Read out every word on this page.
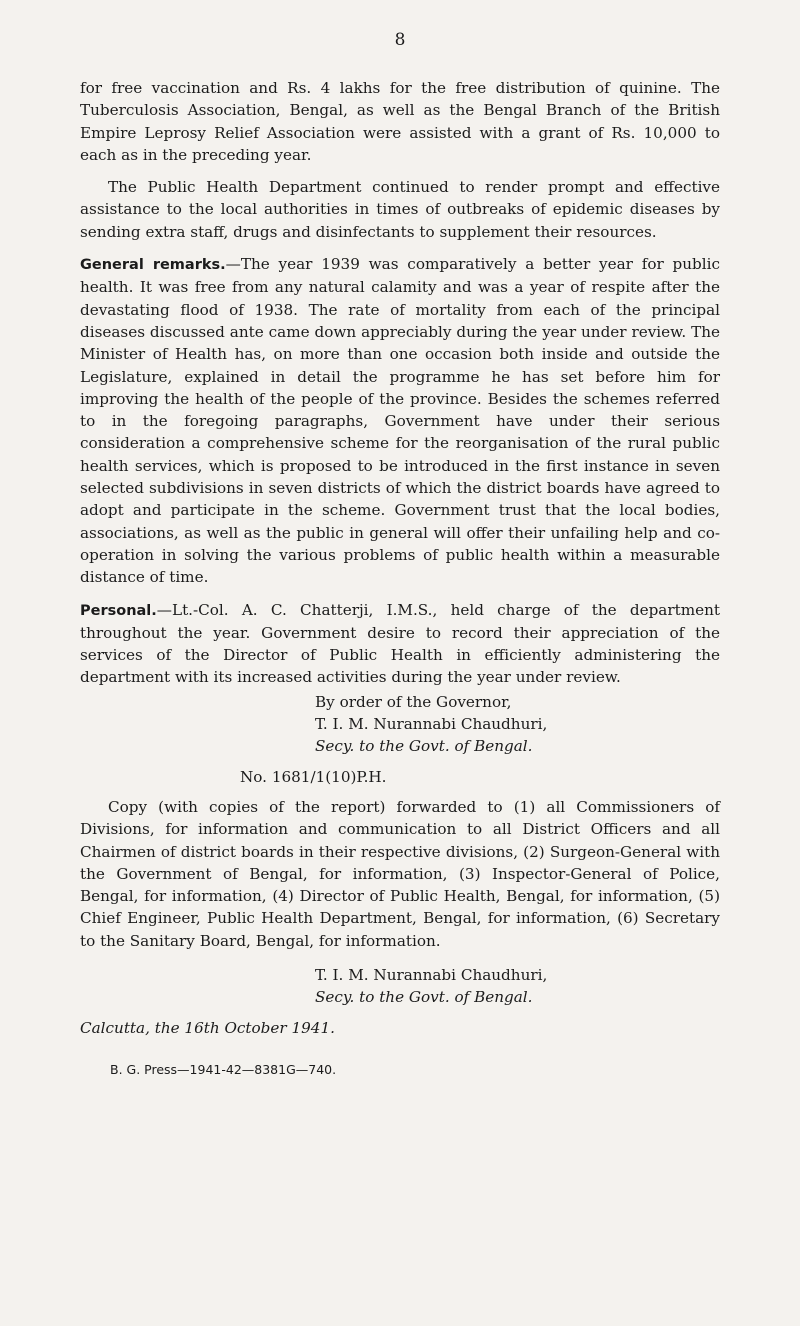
8

for free vaccination and Rs. 4 lakhs for the free distribution of quinine. The Tuberculosis Association, Bengal, as well as the Bengal Branch of the British Empire Leprosy Relief Association were assisted with a grant of Rs. 10,000 to each as in the preceding year.

The Public Health Department continued to render prompt and effective assistance to the local authorities in times of outbreaks of epidemic diseases by sending extra staff, drugs and disinfectants to supplement their resources.

General remarks.—The year 1939 was comparatively a better year for public health. It was free from any natural calamity and was a year of respite after the devastating flood of 1938. The rate of mortality from each of the principal diseases discussed ante came down appreciably during the year under review. The Minister of Health has, on more than one occasion both inside and outside the Legislature, explained in detail the programme he has set before him for improving the health of the people of the province. Besides the schemes referred to in the foregoing paragraphs, Government have under their serious consideration a comprehensive scheme for the reorganisation of the rural public health services, which is proposed to be introduced in the first instance in seven selected subdivisions in seven districts of which the district boards have agreed to adopt and participate in the scheme. Government trust that the local bodies, associations, as well as the public in general will offer their unfailing help and co-operation in solving the various problems of public health within a measurable distance of time.

Personal.—Lt.-Col. A. C. Chatterji, I.M.S., held charge of the department throughout the year. Government desire to record their appreciation of the services of the Director of Public Health in efficiently administering the department with its increased activities during the year under review.

By order of the Governor,
T. I. M. Nurannabi Chaudhuri,
Secy. to the Govt. of Bengal.
No. 1681/1(10)P.H.

Copy (with copies of the report) forwarded to (1) all Commissioners of Divisions, for information and communication to all District Officers and all Chairmen of district boards in their respective divisions, (2) Surgeon-General with the Government of Bengal, for information, (3) Inspector-General of Police, Bengal, for information, (4) Director of Public Health, Bengal, for information, (5) Chief Engineer, Public Health Department, Bengal, for information, (6) Secretary to the Sanitary Board, Bengal, for information.

T. I. M. Nurannabi Chaudhuri,
Secy. to the Govt. of Bengal.
Calcutta, the 16th October 1941.
B. G. Press—1941-42—8381G—740.
